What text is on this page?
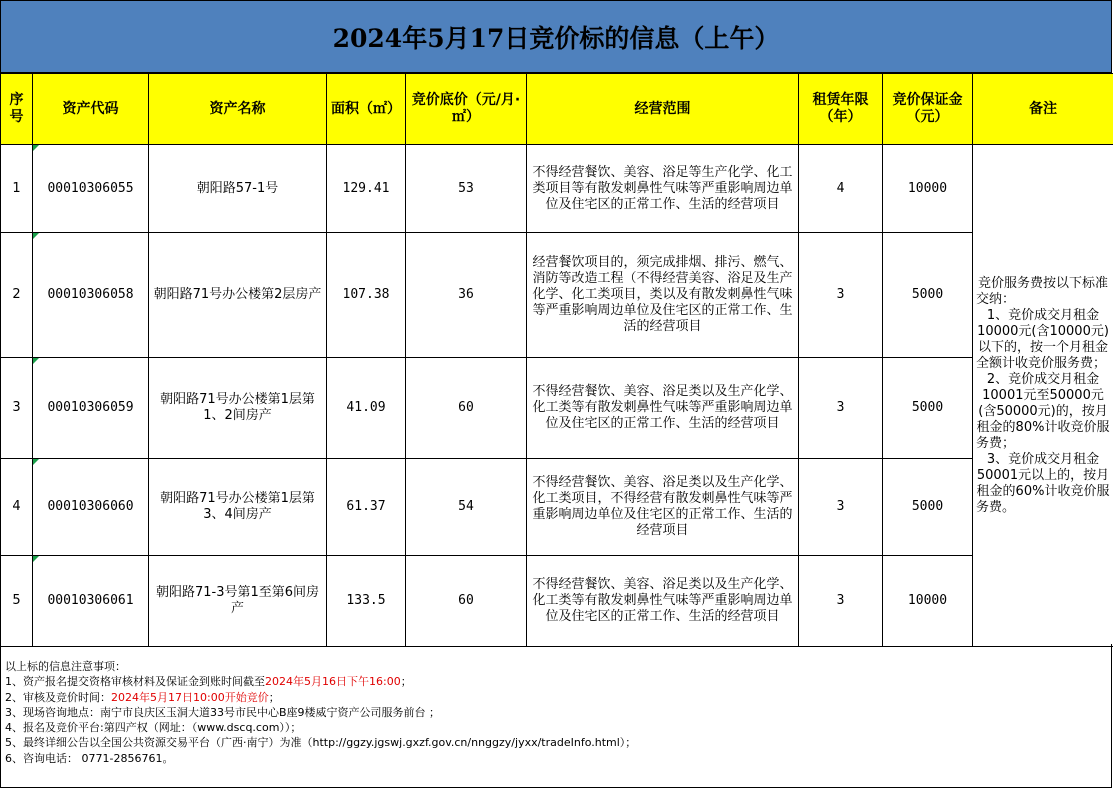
2024年5月17日竞价标的信息（上午）
序号	资产代码	资产名称	面积（㎡）	竞价底价（元/月·㎡）	经营范围	租赁年限（年）	竞价保证金（元）	备注
1	00010306055	朝阳路57-1号	129.41	53	不得经营餐饮、美容、浴足等生产化学、化工类项目等有散发刺鼻性气味等严重影响周边单位及住宅区的正常工作、生活的经营项目	4	10000	竞价服务费按以下标准交纳：

1、竞价成交月租金10000元(含10000元)以下的，按一个月租金全额计收竞价服务费；

2、竞价成交月租金10001元至50000元(含50000元)的，按月租金的80%计收竞价服务费；

3、竞价成交月租金50001元以上的，按月租金的60%计收竞价服务费。

2	00010306058	朝阳路71号办公楼第2层房产	107.38	36	经营餐饮项目的，须完成排烟、排污、燃气、消防等改造工程（不得经营美容、浴足及生产化学、化工类项目，类以及有散发刺鼻性气味等严重影响周边单位及住宅区的正常工作、生活的经营项目	3	5000	
3	00010306059	朝阳路71号办公楼第1层第1、2间房产	41.09	60	不得经营餐饮、美容、浴足类以及生产化学、化工类等有散发刺鼻性气味等严重影响周边单位及住宅区的正常工作、生活的经营项目	3	5000	
4	00010306060	朝阳路71号办公楼第1层第3、4间房产	61.37	54	不得经营餐饮、美容、浴足类以及生产化学、化工类项目，不得经营有散发刺鼻性气味等严重影响周边单位及住宅区的正常工作、生活的经营项目	3	5000	
5	00010306061	朝阳路71-3号第1至第6间房产	133.5	60	不得经营餐饮、美容、浴足类以及生产化学、化工类等有散发刺鼻性气味等严重影响周边单位及住宅区的正常工作、生活的经营项目	3	10000	
以上标的信息注意事项：
1、资产报名提交资格审核材料及保证金到账时间截至2024年5月16日下午16:00；
2、审核及竞价时间：2024年5月17日10:00开始竞价；
3、现场咨询地点：南宁市良庆区玉洞大道33号市民中心B座9楼威宁资产公司服务前台 ；
4、报名及竞价平台:第四产权（网址：（www.dscq.com））；
5、最终详细公告以全国公共资源交易平台（广西·南宁）为准（http://ggzy.jgswj.gxzf.gov.cn/nnggzy/jyxx/tradeInfo.html）；
6、咨询电话： 0771-2856761。
